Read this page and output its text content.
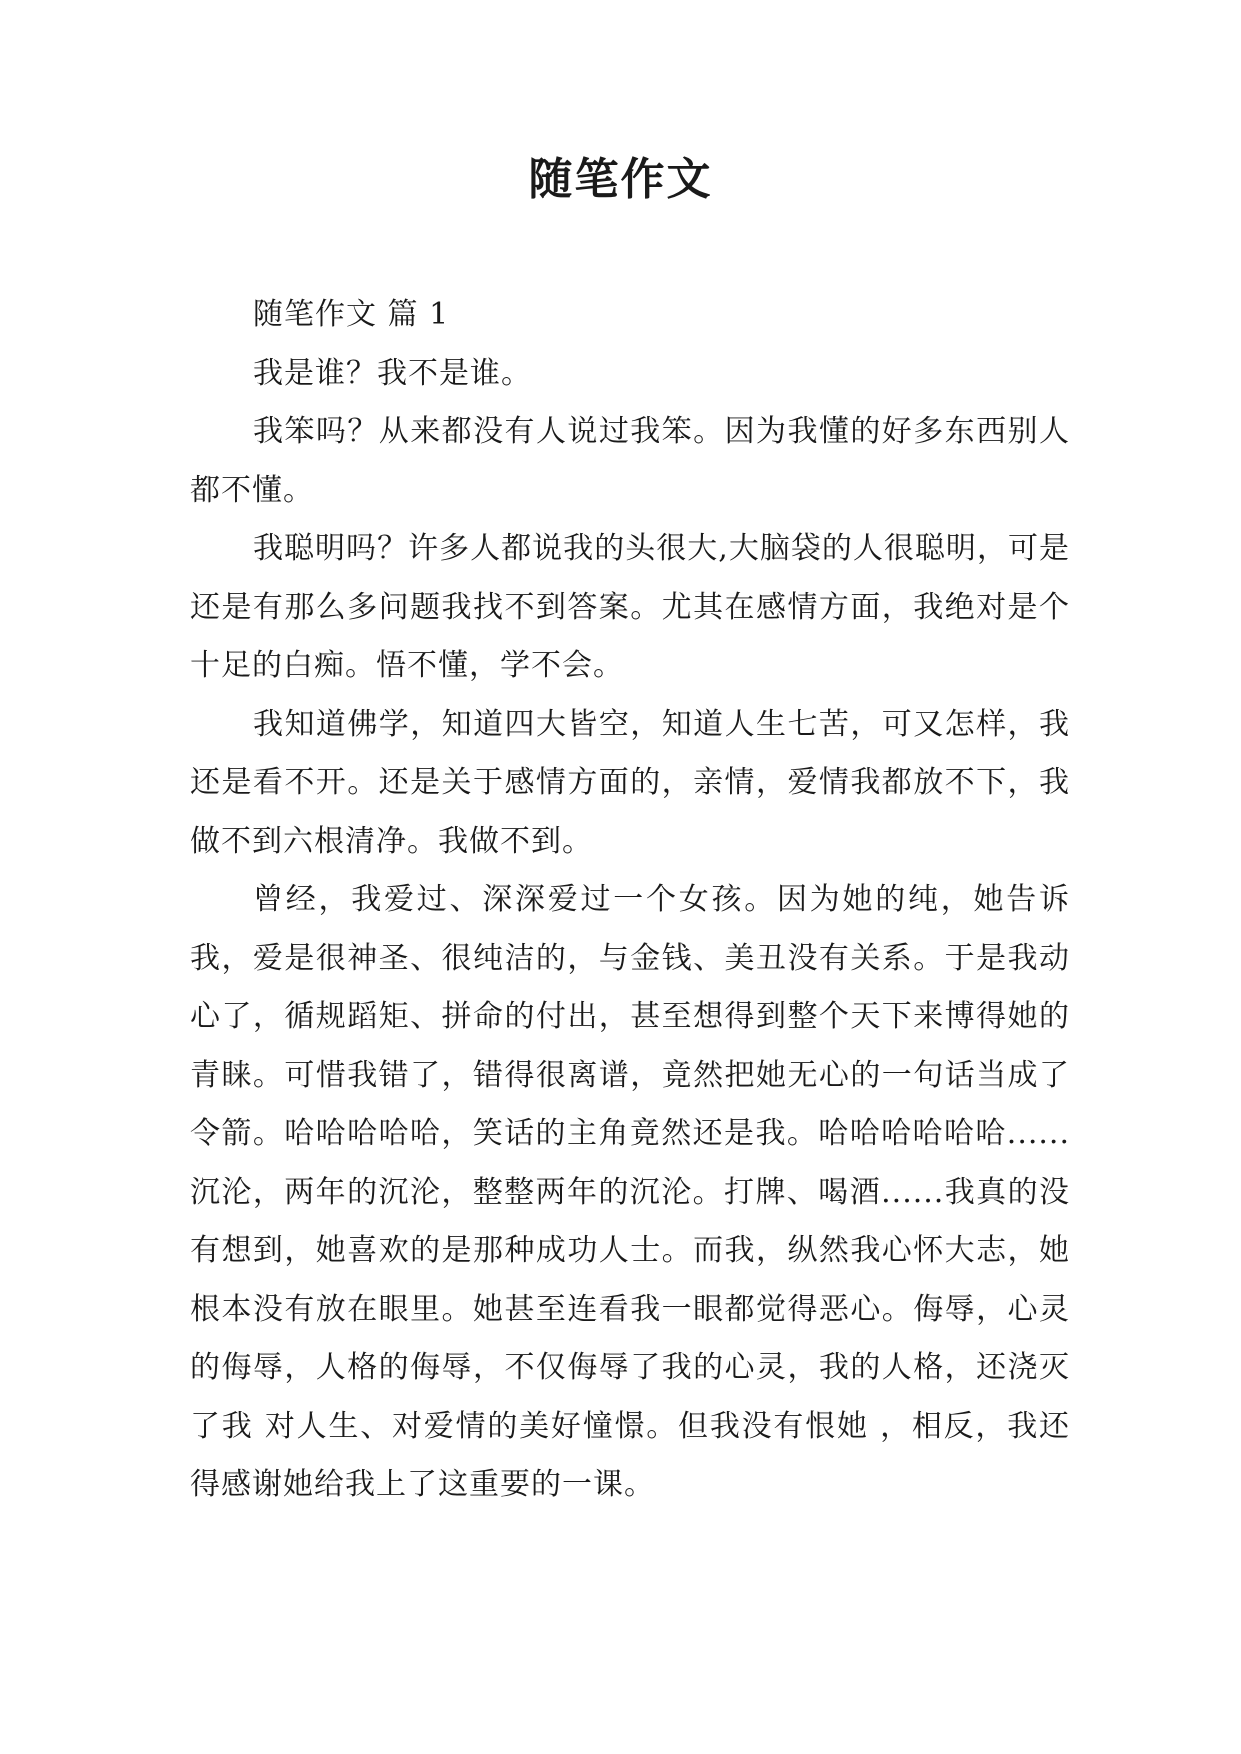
随笔作文

随笔作文 篇 1

我是谁？我不是谁。

我笨吗？从来都没有人说过我笨。因为我懂的好多东西别人都不懂。

我聪明吗？许多人都说我的头很大,大脑袋的人很聪明，可是还是有那么多问题我找不到答案。尤其在感情方面，我绝对是个十足的白痴。悟不懂，学不会。

我知道佛学，知道四大皆空，知道人生七苦，可又怎样，我还是看不开。还是关于感情方面的，亲情，爱情我都放不下，我做不到六根清净。我做不到。

曾经，我爱过、深深爱过一个女孩。因为她的纯，她告诉我，爱是很神圣、很纯洁的，与金钱、美丑没有关系。于是我动心了，循规蹈矩、拼命的付出，甚至想得到整个天下来博得她的青睐。可惜我错了，错得很离谱，竟然把她无心的一句话当成了令箭。哈哈哈哈哈，笑话的主角竟然还是我。哈哈哈哈哈哈......沉沦，两年的沉沦，整整两年的沉沦。打牌、喝酒......我真的没有想到，她喜欢的是那种成功人士。而我，纵然我心怀大志，她根本没有放在眼里。她甚至连看我一眼都觉得恶心。侮辱，心灵的侮辱，人格的侮辱，不仅侮辱了我的心灵，我的人格，还浇灭了我 对人生、对爱情的美好憧憬。但我没有恨她 ，相反，我还得感谢她给我上了这重要的一课。
